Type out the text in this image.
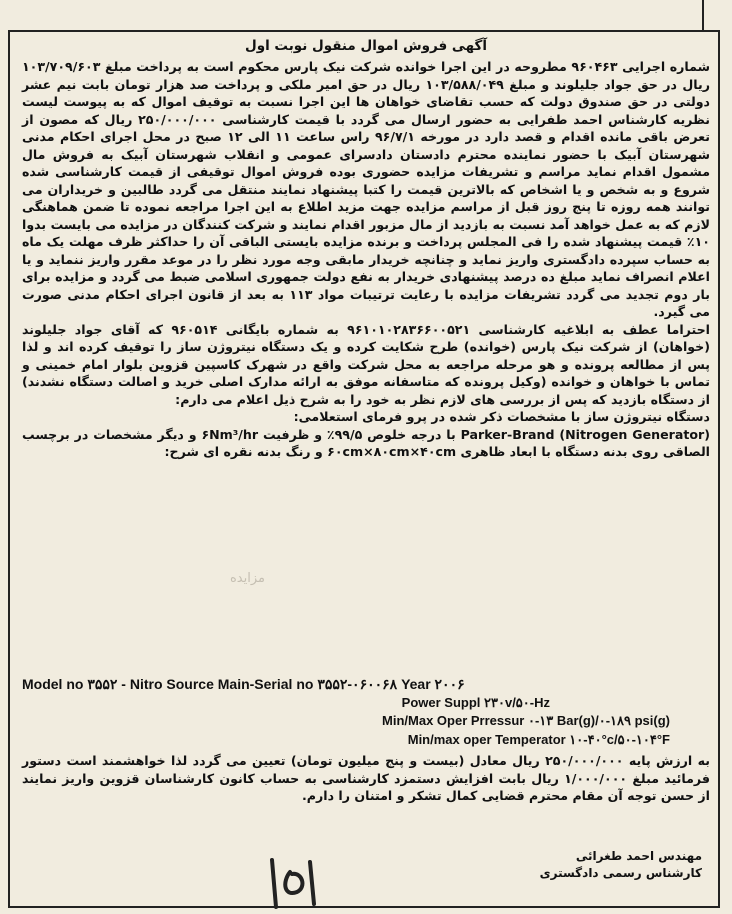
آگهی فروش اموال منقول نوبت اول

شماره اجرایی ۹۶۰۴۶۳ مطروحه در این اجرا خوانده شرکت نیک پارس محکوم است به پرداخت مبلغ ۱۰۳/۷۰۹/۶۰۳ ریال در حق جواد جلیلوند و مبلغ ۱۰۳/۵۸۸/۰۴۹ ریال در حق امیر ملکی و پرداخت صد هزار تومان بابت نیم عشر دولتی در حق صندوق دولت که حسب تقاضای خواهان ها این اجرا نسبت به توقیف اموال که به پیوست لیست نظریه کارشناس احمد طفرایی به حضور ارسال می گردد با قیمت کارشناسی ۲۵۰/۰۰۰/۰۰۰ ریال که مصون از تعرض باقی مانده اقدام و قصد دارد در مورخه ۹۶/۷/۱ راس ساعت ۱۱ الی ۱۲ صبح در محل اجرای احکام مدنی شهرستان آبیک با حضور نماینده محترم دادستان دادسرای عمومی و انقلاب شهرستان آبیک به فروش مال مشمول اقدام نماید مراسم و تشریفات مزایده حضوری بوده فروش اموال توقیفی از قیمت کارشناسی شده شروع و به شخص و یا اشخاص که بالاترین قیمت را کتبا پیشنهاد نمایند منتقل می گردد طالبین و خریداران می توانند همه روزه تا پنج روز قبل از مراسم مزایده جهت مزید اطلاع به این اجرا مراجعه نموده تا ضمن هماهنگی لازم که به عمل خواهد آمد نسبت به بازدید از مال مزبور اقدام نمایند و شرکت کنندگان در مزایده می بایست بدوا ۱۰٪ قیمت پیشنهاد شده را فی المجلس پرداخت و برنده مزایده بایستی الباقی آن را حداکثر ظرف مهلت یک ماه به حساب سپرده دادگستری واریز نماید و چنانچه خریدار مابقی وجه مورد نظر را در موعد مقرر واریز ننماید و یا اعلام انصراف نماید مبلغ ده درصد پیشنهادی خریدار به نفع دولت جمهوری اسلامی ضبط می گردد و مزایده برای بار دوم تجدید می گردد تشریفات مزایده با رعایت ترتیبات مواد ۱۱۳ به بعد از قانون اجرای احکام مدنی صورت می گیرد.

احتراما عطف به ابلاغیه کارشناسی ۹۶۱۰۱۰۲۸۳۶۶۰۰۵۲۱ به شماره بایگانی ۹۶۰۵۱۴ که آقای جواد جلیلوند (خواهان) از شرکت نیک پارس (خوانده) طرح شکایت کرده و یک دستگاه نیتروژن ساز را توقیف کرده اند و لذا پس از مطالعه پرونده و هو مرحله مراجعه به محل شرکت واقع در شهرک کاسپین قزوین بلوار امام خمینی و تماس با خواهان و خوانده (وکیل پرونده که متاسفانه موفق به ارائه مدارک اصلی خرید و اصالت دستگاه نشدند) از دستگاه بازدید که پس از بررسی های لازم نظر به خود را به شرح ذیل اعلام می دارم:

دستگاه نیتروژن ساز با مشخصات ذکر شده در پرو فرمای استعلامی:

Parker-Brand (Nitrogen Generator) با درجه خلوص ۹۹/۵٪ و ظرفیت ۶Nm³/hr و دیگر مشخصات در برچسب الصاقی روی بدنه دستگاه با ابعاد ظاهری ۶۰cm×۸۰cm×۴۰cm و رنگ بدنه نقره ای شرح:

مزایده
Model no ۳۵۵۲ - Nitro Source Main-Serial no ۳۵۵۲-۰۶۰۰۶۸ Year ۲۰۰۶
Power Suppl ۲۳۰v/۵۰-Hz
Min/Max Oper Prressur ۰-۱۳ Bar(g)/۰-۱۸۹ psi(g)
Min/max oper Temperator ۱۰-۴۰°c/۵۰-۱۰۴°F
به ارزش پایه ۲۵۰/۰۰۰/۰۰۰ ریال معادل (بیست و پنج میلیون تومان) تعیین می گردد لذا خواهشمند است دستور فرمائید مبلغ ۱/۰۰۰/۰۰۰ ریال بابت افزایش دستمزد کارشناسی به حساب کانون کارشناسان قزوین واریز نمایند از حسن توجه آن مقام محترم قضایی کمال تشکر و امتنان را دارم.
مهندس احمد طغرائی
کارشناس رسمی دادگستری
